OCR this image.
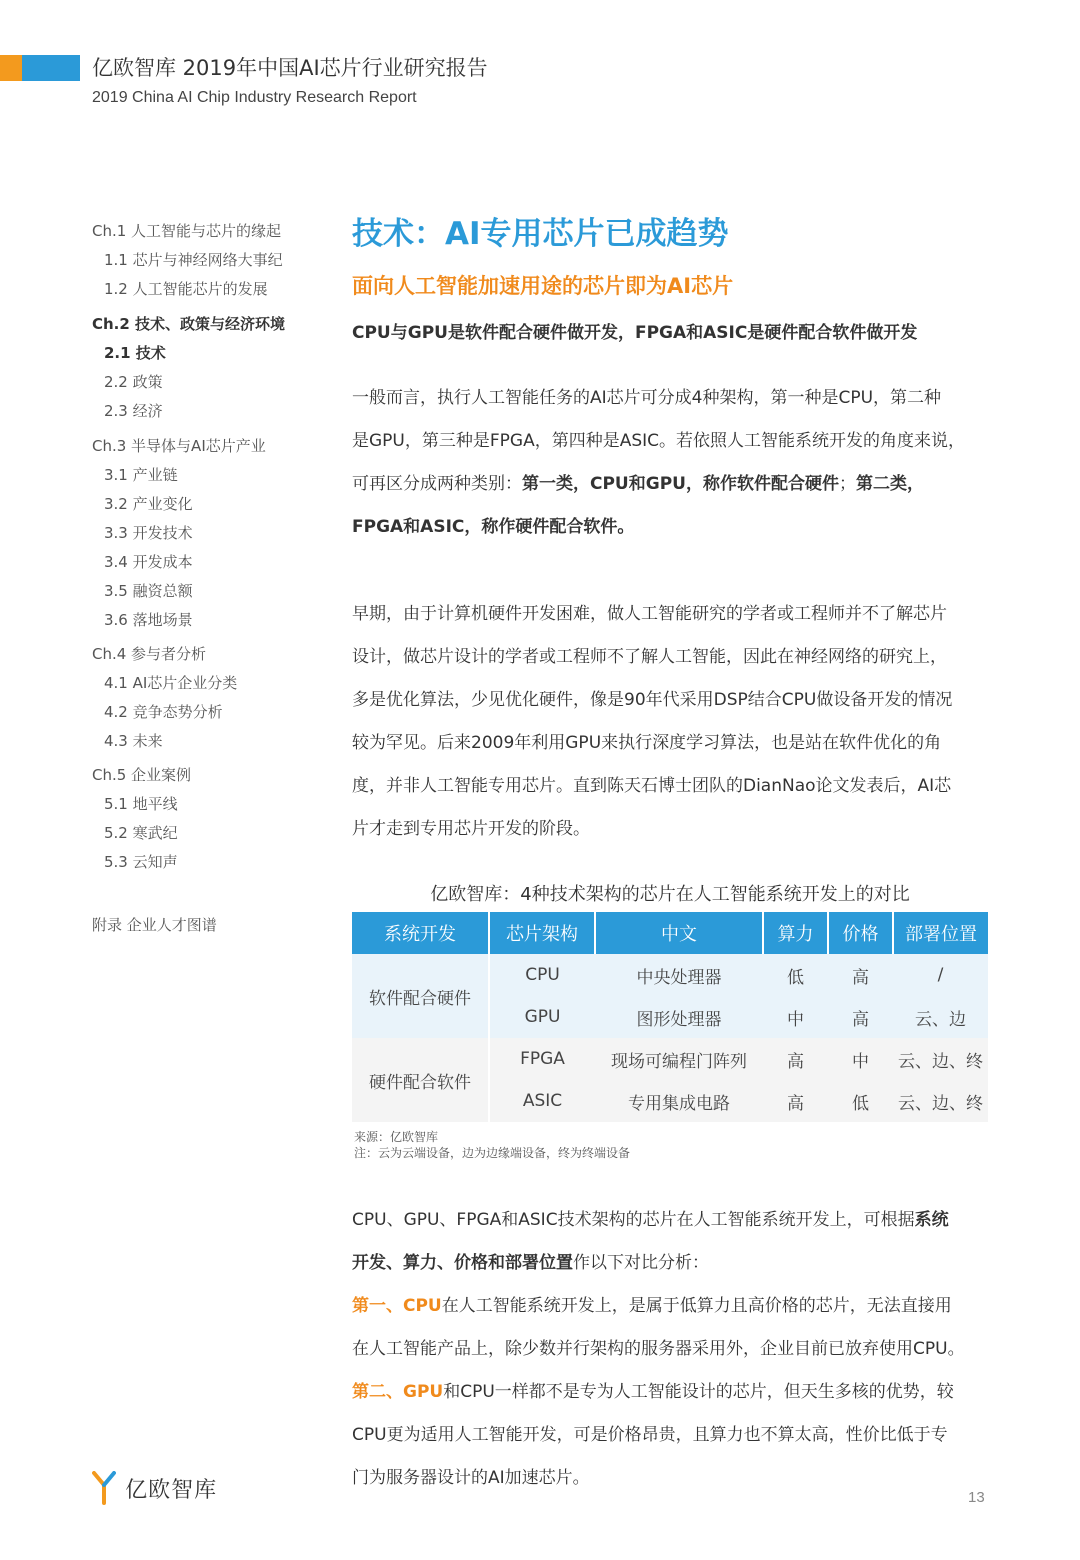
亿欧智库 2019年中国AI芯片行业研究报告
2019 China AI Chip Industry Research Report
Ch.1 人工智能与芯片的缘起
1.1 芯片与神经网络大事纪
1.2 人工智能芯片的发展
Ch.2 技术、政策与经济环境
2.1 技术
2.2 政策
2.3 经济
Ch.3 半导体与AI芯片产业
3.1 产业链
3.2 产业变化
3.3 开发技术
3.4 开发成本
3.5 融资总额
3.6 落地场景
Ch.4 参与者分析
4.1 AI芯片企业分类
4.2 竞争态势分析
4.3 未来
Ch.5 企业案例
5.1 地平线
5.2 寒武纪
5.3 云知声
附录 企业人才图谱
技术：AI专用芯片已成趋势
面向人工智能加速用途的芯片即为AI芯片
CPU与GPU是软件配合硬件做开发，FPGA和ASIC是硬件配合软件做开发
一般而言，执行人工智能任务的AI芯片可分成4种架构，第一种是CPU，第二种
是GPU，第三种是FPGA，第四种是ASIC。若依照人工智能系统开发的角度来说，
可再区分成两种类别：第一类，CPU和GPU，称作软件配合硬件；第二类，
FPGA和ASIC，称作硬件配合软件。
早期，由于计算机硬件开发困难，做人工智能研究的学者或工程师并不了解芯片
设计，做芯片设计的学者或工程师不了解人工智能，因此在神经网络的研究上，
多是优化算法，少见优化硬件，像是90年代采用DSP结合CPU做设备开发的情况
较为罕见。后来2009年利用GPU来执行深度学习算法，也是站在软件优化的角
度，并非人工智能专用芯片。直到陈天石博士团队的DianNao论文发表后，AI芯
片才走到专用芯片开发的阶段。
亿欧智库：4种技术架构的芯片在人工智能系统开发上的对比
系统开发	芯片架构	中文	算力	价格	部署位置
软件配合硬件	CPU	中央处理器	低	高	/
	GPU	图形处理器	中	高	云、边
硬件配合软件	FPGA	现场可编程门阵列	高	中	云、边、终
	ASIC	专用集成电路	高	低	云、边、终
来源：亿欧智库
注：云为云端设备，边为边缘端设备，终为终端设备
CPU、GPU、FPGA和ASIC技术架构的芯片在人工智能系统开发上，可根据系统
开发、算力、价格和部署位置作以下对比分析：
第一、CPU在人工智能系统开发上，是属于低算力且高价格的芯片，无法直接用
在人工智能产品上，除少数并行架构的服务器采用外，企业目前已放弃使用CPU。
第二、GPU和CPU一样都不是专为人工智能设计的芯片，但天生多核的优势，较
CPU更为适用人工智能开发，可是价格昂贵，且算力也不算太高，性价比低于专
门为服务器设计的AI加速芯片。
亿欧智库	13
